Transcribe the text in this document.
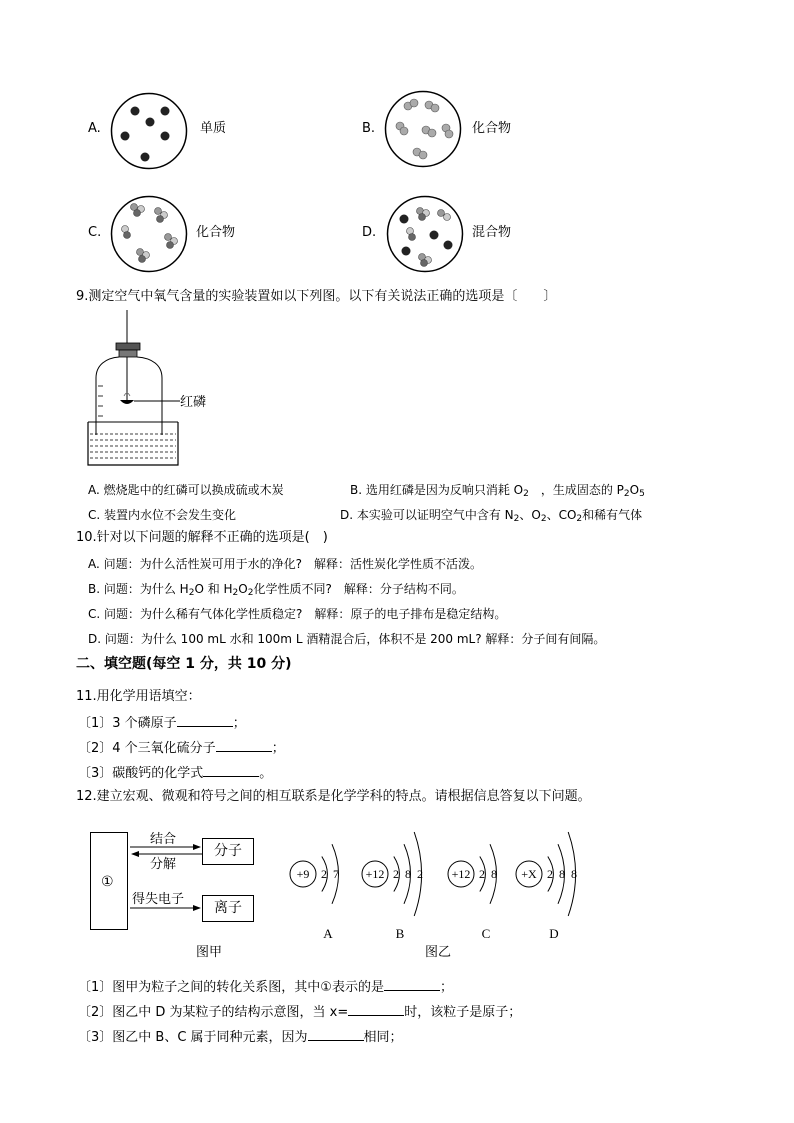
A.	单质	B.	化合物
C.	化合物	D.	混合物
9.测定空气中氧气含量的实验装置如以下列图。以下有关说法正确的选项是〔　　〕
红磷
A. 燃烧匙中的红磷可以换成硫或木炭	B. 选用红磷是因为反响只消耗 $O_2$　，生成固态的 $P_2O_5$
C. 装置内水位不会发生变化	D. 本实验可以证明空气中含有 $N_2$、$O_2$、$CO_2$和稀有气体
10.针对以下问题的解释不正确的选项是(　)
A. 问题：为什么活性炭可用于水的净化?　解释：活性炭化学性质不活泼。
B. 问题：为什么 $H_2O$ 和 $H_2O_2$化学性质不同?　解释：分子结构不同。
C. 问题：为什么稀有气体化学性质稳定?　解释：原子的电子排布是稳定结构。
D. 问题：为什么 100 mL 水和 100m L 酒精混合后，体积不是 200 mL? 解释：分子间有间隔。
二、填空题(每空 1 分，共 10 分)
11.用化学用语填空：
〔1〕3 个磷原子	；
〔2〕4 个三氧化硫分子	；
〔3〕碳酸钙的化学式	。
12.建立宏观、微观和符号之间的相互联系是化学学科的特点。请根据信息答复以下问题。
①
结合
分解
得失电子
分子
离子
图甲
+9 2 7
A
+12 2 8 2
B
+12 2 8
C
+X 2 8 8
D
图乙
〔1〕图甲为粒子之间的转化关系图，其中①表示的是	；
〔2〕图乙中 D 为某粒子的结构示意图，当 x=	时，该粒子是原子；
〔3〕图乙中 B、C 属于同种元素，因为	相同；
